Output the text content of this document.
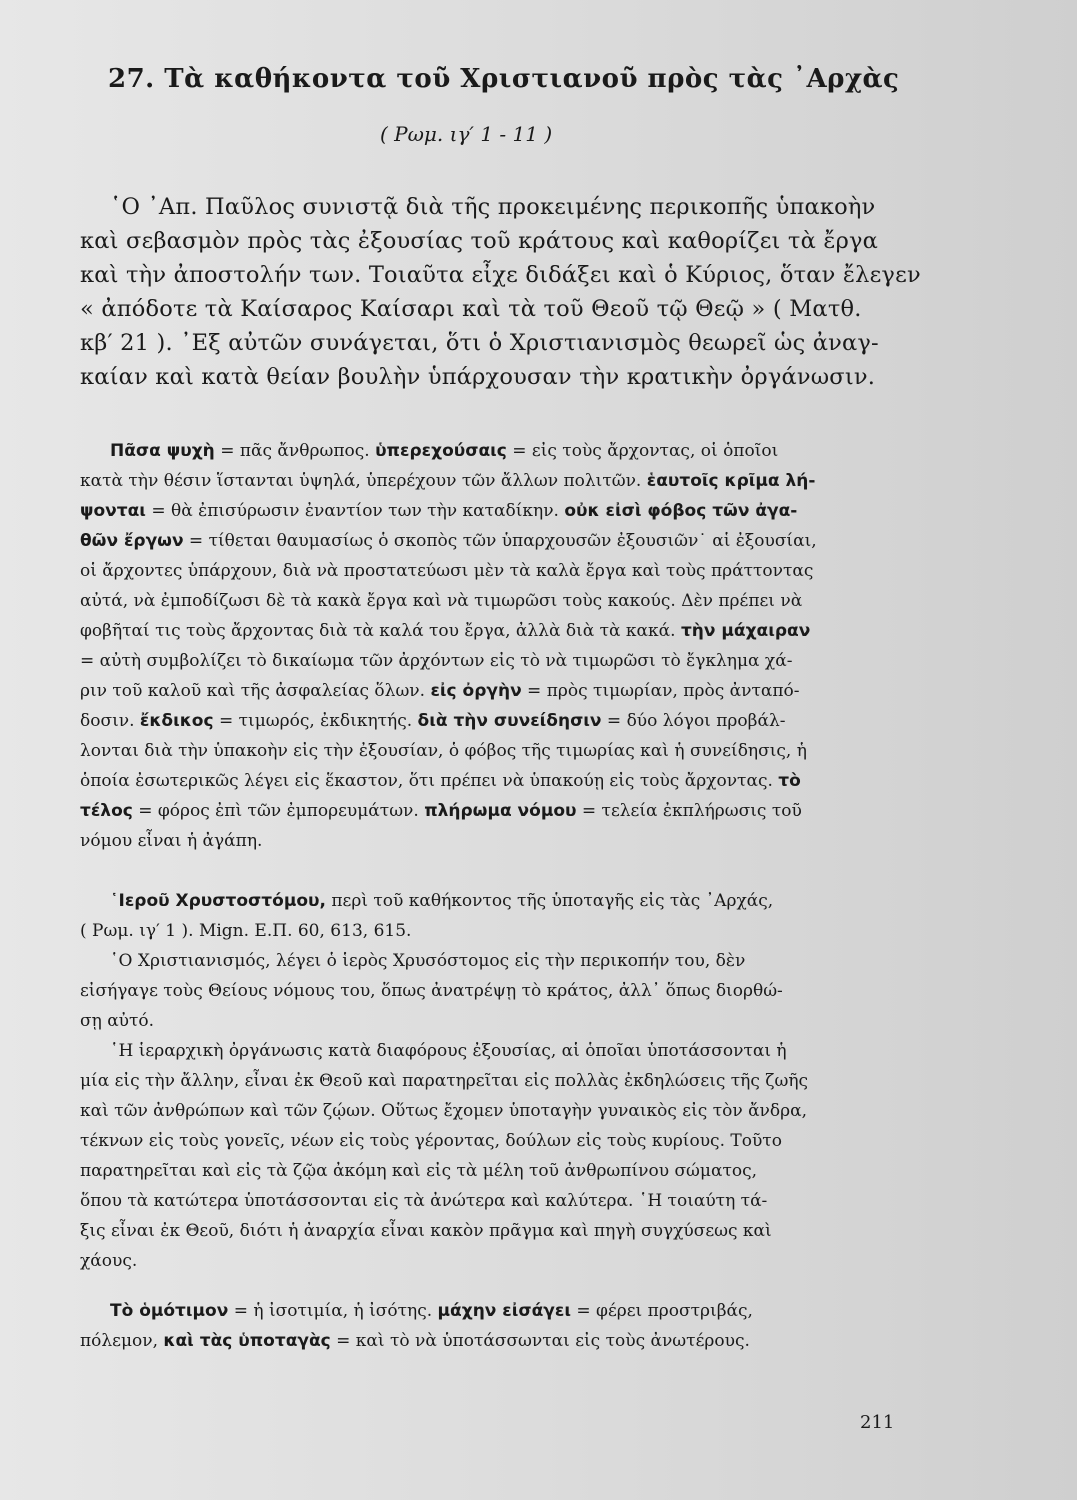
27. Τὰ καθήκοντα τοῦ Χριστιανοῦ πρὸς τὰς ᾿Αρχὰς
( Ρωμ. ιγ′ 1 - 11 )
῾Ο ᾿Απ. Παῦλος συνιστᾷ διὰ τῆς προκειμένης περικοπῆς ὑπακοὴν
καὶ σεβασμὸν πρὸς τὰς ἐξουσίας τοῦ κράτους καὶ καθορίζει τὰ ἔργα
καὶ τὴν ἀποστολήν των. Τοιαῦτα εἶχε διδάξει καὶ ὁ Κύριος, ὅταν ἔλεγεν
« ἀπόδοτε τὰ Καίσαρος Καίσαρι καὶ τὰ τοῦ Θεοῦ τῷ Θεῷ » ( Ματθ.
κβ′ 21 ). ᾿Εξ αὐτῶν συνάγεται, ὅτι ὁ Χριστιανισμὸς θεωρεῖ ὡς ἀναγ-
καίαν καὶ κατὰ θείαν βουλὴν ὑπάρχουσαν τὴν κρατικὴν ὀργάνωσιν.
Πᾶσα ψυχὴ = πᾶς ἄνθρωπος. ὑπερεχούσαις = εἰς τοὺς ἄρχοντας, οἱ ὁποῖοι
κατὰ τὴν θέσιν ἵστανται ὑψηλά, ὑπερέχουν τῶν ἄλλων πολιτῶν. ἑαυτοῖς κρῖμα λή-
ψονται = θὰ ἐπισύρωσιν ἐναντίον των τὴν καταδίκην. οὐκ εἰσὶ φόβος τῶν ἀγα-
θῶν ἔργων = τίθεται θαυμασίως ὁ σκοπὸς τῶν ὑπαρχουσῶν ἐξουσιῶν˙ αἱ ἐξουσίαι,
οἱ ἄρχοντες ὑπάρχουν, διὰ νὰ προστατεύωσι μὲν τὰ καλὰ ἔργα καὶ τοὺς πράττοντας
αὐτά, νὰ ἐμποδίζωσι δὲ τὰ κακὰ ἔργα καὶ νὰ τιμωρῶσι τοὺς κακούς. Δὲν πρέπει νὰ
φοβῆταί τις τοὺς ἄρχοντας διὰ τὰ καλά του ἔργα, ἀλλὰ διὰ τὰ κακά. τὴν μάχαιραν
= αὐτὴ συμβολίζει τὸ δικαίωμα τῶν ἀρχόντων εἰς τὸ νὰ τιμωρῶσι τὸ ἔγκλημα χά-
ριν τοῦ καλοῦ καὶ τῆς ἀσφαλείας ὅλων. εἰς ὀργὴν = πρὸς τιμωρίαν, πρὸς ἀνταπό-
δοσιν. ἔκδικος = τιμωρός, ἐκδικητής. διὰ τὴν συνείδησιν = δύο λόγοι προβάλ-
λονται διὰ τὴν ὑπακοὴν εἰς τὴν ἐξουσίαν, ὁ φόβος τῆς τιμωρίας καὶ ἡ συνείδησις, ἡ
ὁποία ἐσωτερικῶς λέγει εἰς ἕκαστον, ὅτι πρέπει νὰ ὑπακούῃ εἰς τοὺς ἄρχοντας. τὸ
τέλος = φόρος ἐπὶ τῶν ἐμπορευμάτων. πλήρωμα νόμου = τελεία ἐκπλήρωσις τοῦ
νόμου εἶναι ἡ ἀγάπη.
῾Ιεροῦ Χρυστοστόμου, περὶ τοῦ καθήκοντος τῆς ὑποταγῆς εἰς τὰς ᾿Αρχάς,
( Ρωμ. ιγ′ 1 ). Mign. Ε.Π. 60, 613, 615.
῾Ο Χριστιανισμός, λέγει ὁ ἱερὸς Χρυσόστομος εἰς τὴν περικοπήν του, δὲν
εἰσήγαγε τοὺς Θείους νόμους του, ὅπως ἀνατρέψῃ τὸ κράτος, ἀλλ᾿ ὅπως διορθώ-
σῃ αὐτό.
῾Η ἱεραρχικὴ ὀργάνωσις κατὰ διαφόρους ἐξουσίας, αἱ ὁποῖαι ὑποτάσσονται ἡ
μία εἰς τὴν ἄλλην, εἶναι ἐκ Θεοῦ καὶ παρατηρεῖται εἰς πολλὰς ἐκδηλώσεις τῆς ζωῆς
καὶ τῶν ἀνθρώπων καὶ τῶν ζῴων. Οὕτως ἔχομεν ὑποταγὴν γυναικὸς εἰς τὸν ἄνδρα,
τέκνων εἰς τοὺς γονεῖς, νέων εἰς τοὺς γέροντας, δούλων εἰς τοὺς κυρίους. Τοῦτο
παρατηρεῖται καὶ εἰς τὰ ζῷα ἀκόμη καὶ εἰς τὰ μέλη τοῦ ἀνθρωπίνου σώματος,
ὅπου τὰ κατώτερα ὑποτάσσονται εἰς τὰ ἀνώτερα καὶ καλύτερα. ῾Η τοιαύτη τά-
ξις εἶναι ἐκ Θεοῦ, διότι ἡ ἀναρχία εἶναι κακὸν πρᾶγμα καὶ πηγὴ συγχύσεως καὶ
χάους.
Τὸ ὁμότιμον = ἡ ἰσοτιμία, ἡ ἰσότης. μάχην εἰσάγει = φέρει προστριβάς,
πόλεμον, καὶ τὰς ὑποταγὰς = καὶ τὸ νὰ ὑποτάσσωνται εἰς τοὺς ἀνωτέρους.
211
